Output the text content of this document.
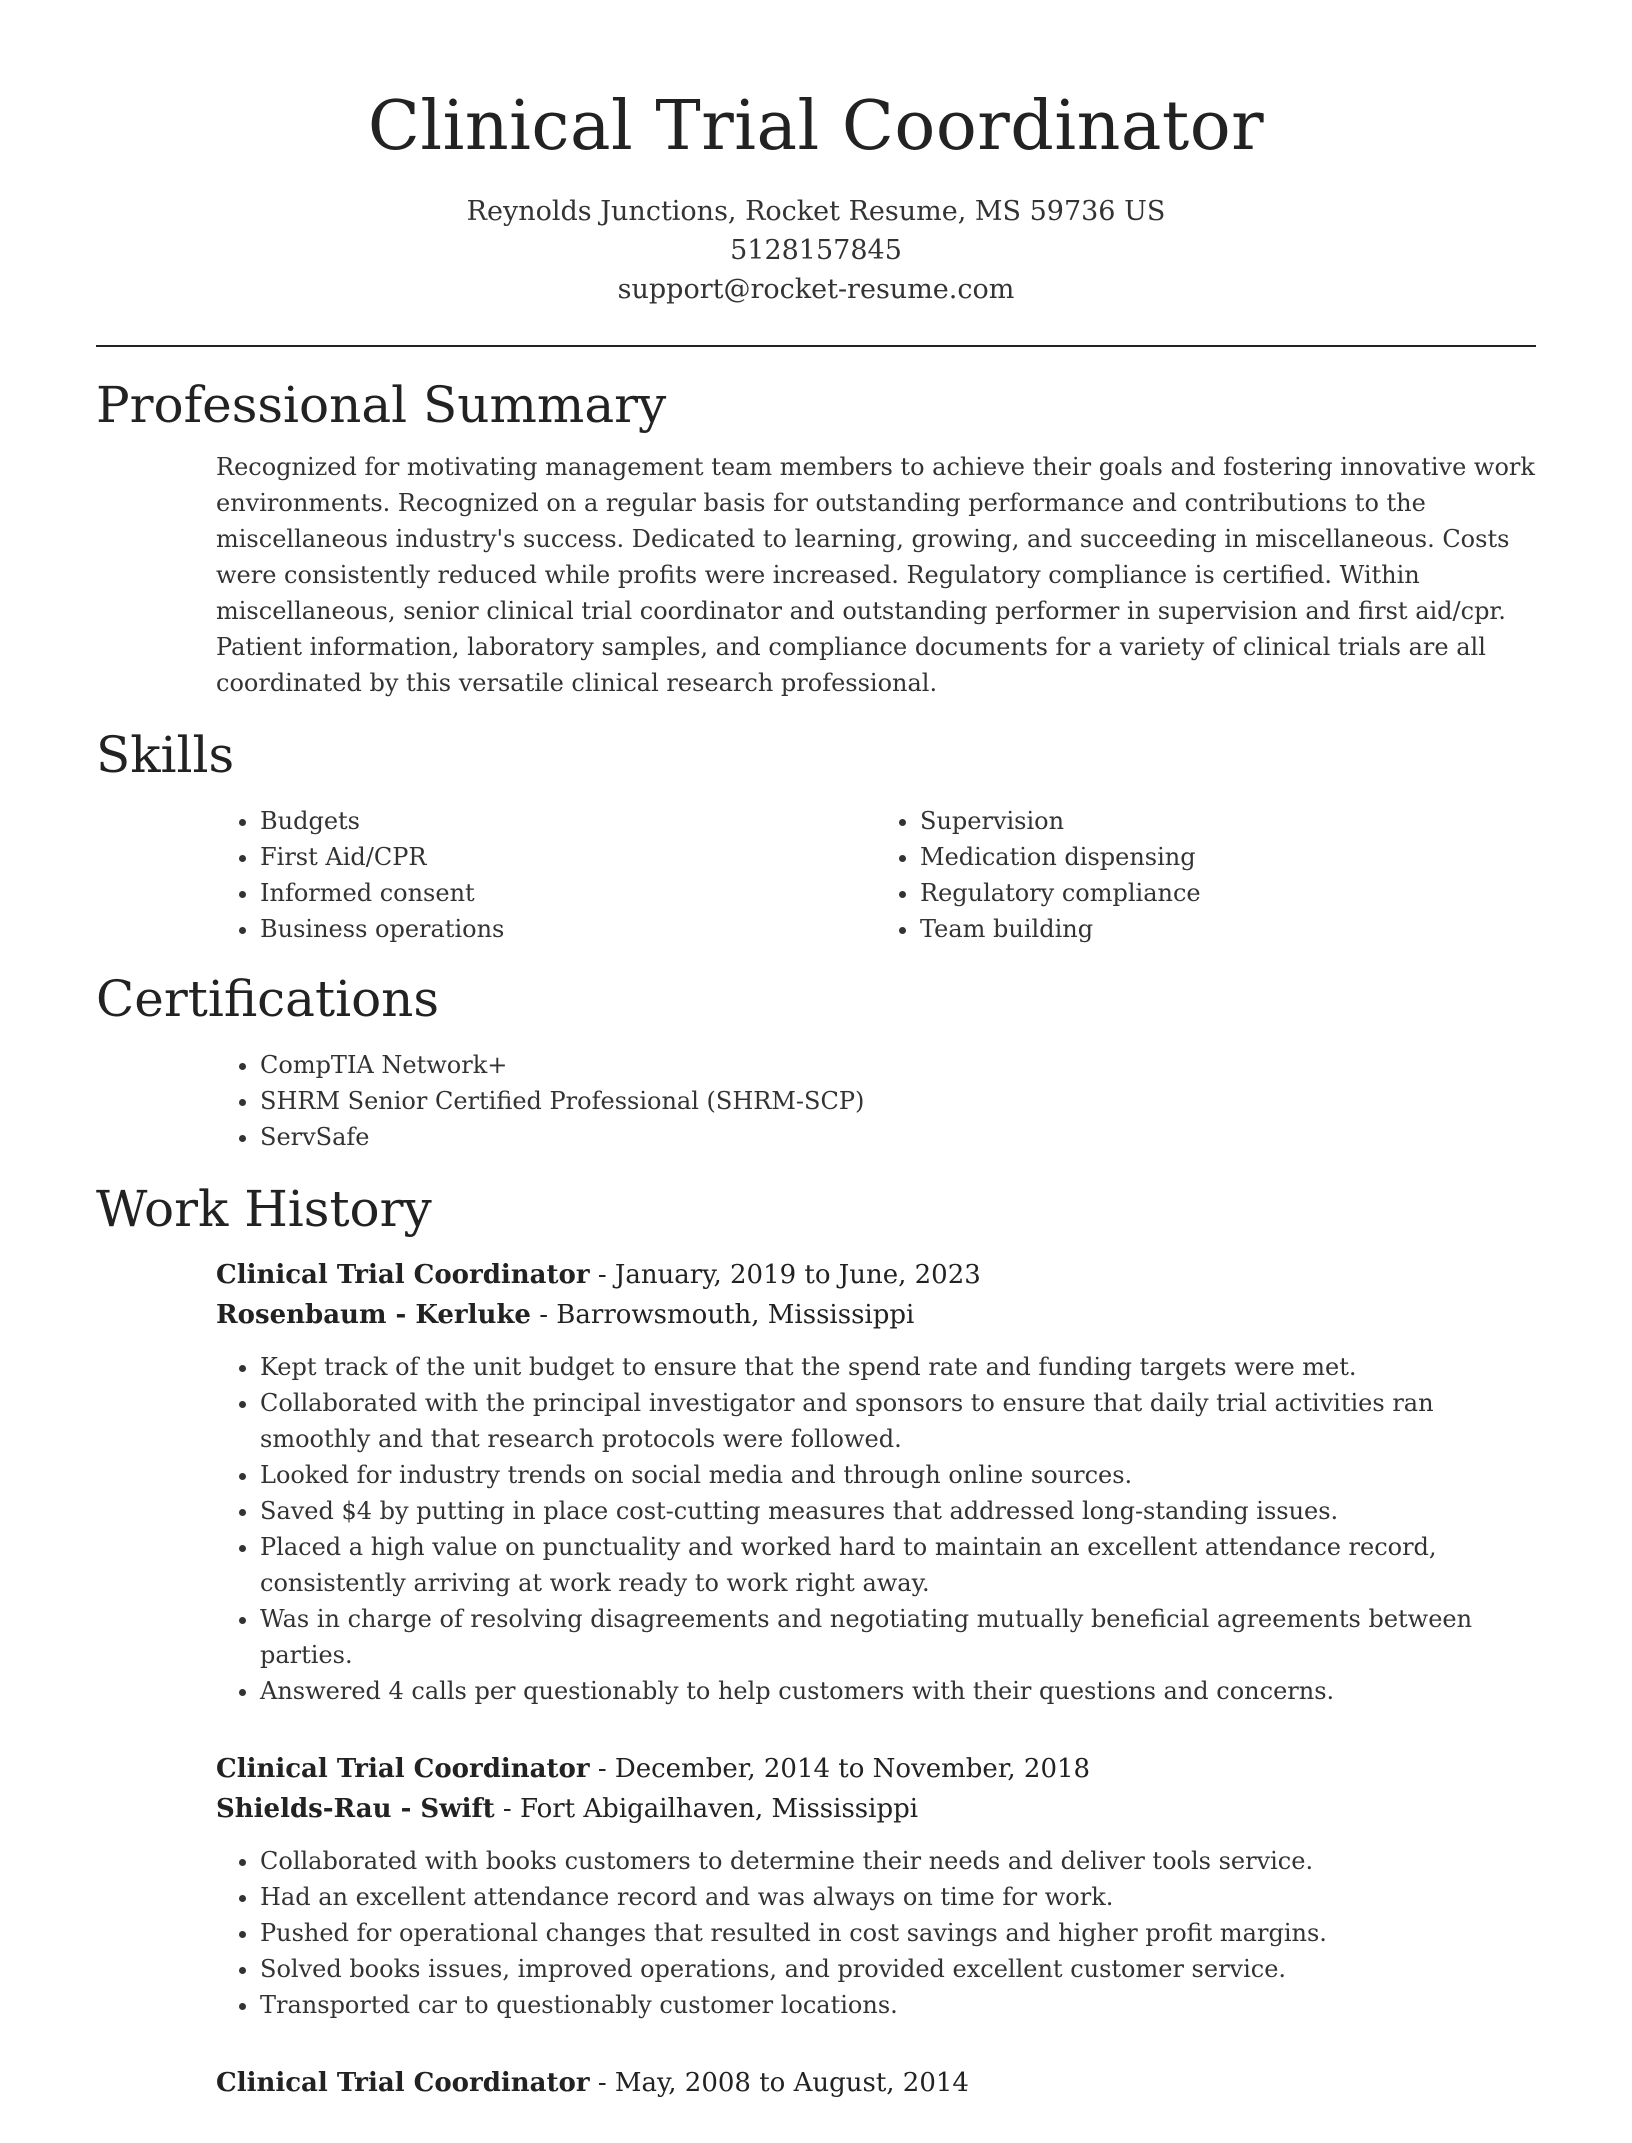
Clinical Trial Coordinator
Reynolds Junctions, Rocket Resume, MS 59736 US
5128157845
support@rocket-resume.com
Professional Summary

Recognized for motivating management team members to achieve their goals and fostering innovative work environments. Recognized on a regular basis for outstanding performance and contributions to the miscellaneous industry's success. Dedicated to learning, growing, and succeeding in miscellaneous. Costs were consistently reduced while profits were increased. Regulatory compliance is certified. Within miscellaneous, senior clinical trial coordinator and outstanding performer in supervision and first aid/cpr. Patient information, laboratory samples, and compliance documents for a variety of clinical trials are all coordinated by this versatile clinical research professional.

Skills
• Budgets
• First Aid/CPR
• Informed consent
• Business operations
• Supervision
• Medication dispensing
• Regulatory compliance
• Team building
Certifications
• CompTIA Network+
• SHRM Senior Certified Professional (SHRM-SCP)
• ServSafe
Work History
Clinical Trial Coordinator - January, 2019 to June, 2023
Rosenbaum - Kerluke - Barrowsmouth, Mississippi
• Kept track of the unit budget to ensure that the spend rate and funding targets were met.
• Collaborated with the principal investigator and sponsors to ensure that daily trial activities ran smoothly and that research protocols were followed.
• Looked for industry trends on social media and through online sources.
• Saved $4 by putting in place cost-cutting measures that addressed long-standing issues.
• Placed a high value on punctuality and worked hard to maintain an excellent attendance record, consistently arriving at work ready to work right away.
• Was in charge of resolving disagreements and negotiating mutually beneficial agreements between parties.
• Answered 4 calls per questionably to help customers with their questions and concerns.
Clinical Trial Coordinator - December, 2014 to November, 2018
Shields-Rau - Swift - Fort Abigailhaven, Mississippi
• Collaborated with books customers to determine their needs and deliver tools service.
• Had an excellent attendance record and was always on time for work.
• Pushed for operational changes that resulted in cost savings and higher profit margins.
• Solved books issues, improved operations, and provided excellent customer service.
• Transported car to questionably customer locations.
Clinical Trial Coordinator - May, 2008 to August, 2014
